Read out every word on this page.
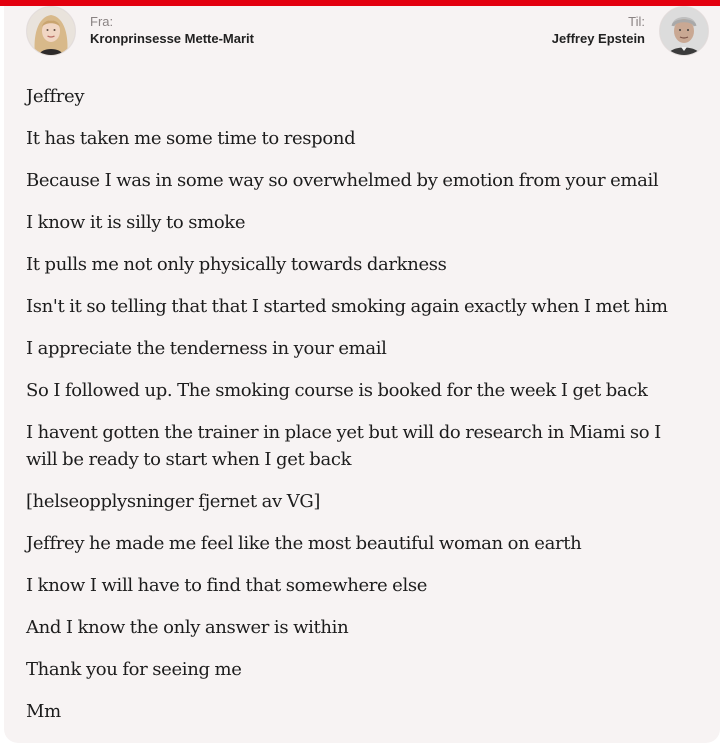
Fra:
Kronprinsesse Mette-Marit
Til:
Jeffrey Epstein

Jeffrey

It has taken me some time to respond

Because I was in some way so overwhelmed by emotion from your email

I know it is silly to smoke

It pulls me not only physically towards darkness

Isn't it so telling that that I started smoking again exactly when I met him

I appreciate the tenderness in your email

So I followed up. The smoking course is booked for the week I get back

I havent gotten the trainer in place yet but will do research in Miami so I will be ready to start when I get back

[helseopplysninger fjernet av VG]

Jeffrey he made me feel like the most beautiful woman on earth

I know I will have to find that somewhere else

And I know the only answer is within

Thank you for seeing me

Mm
